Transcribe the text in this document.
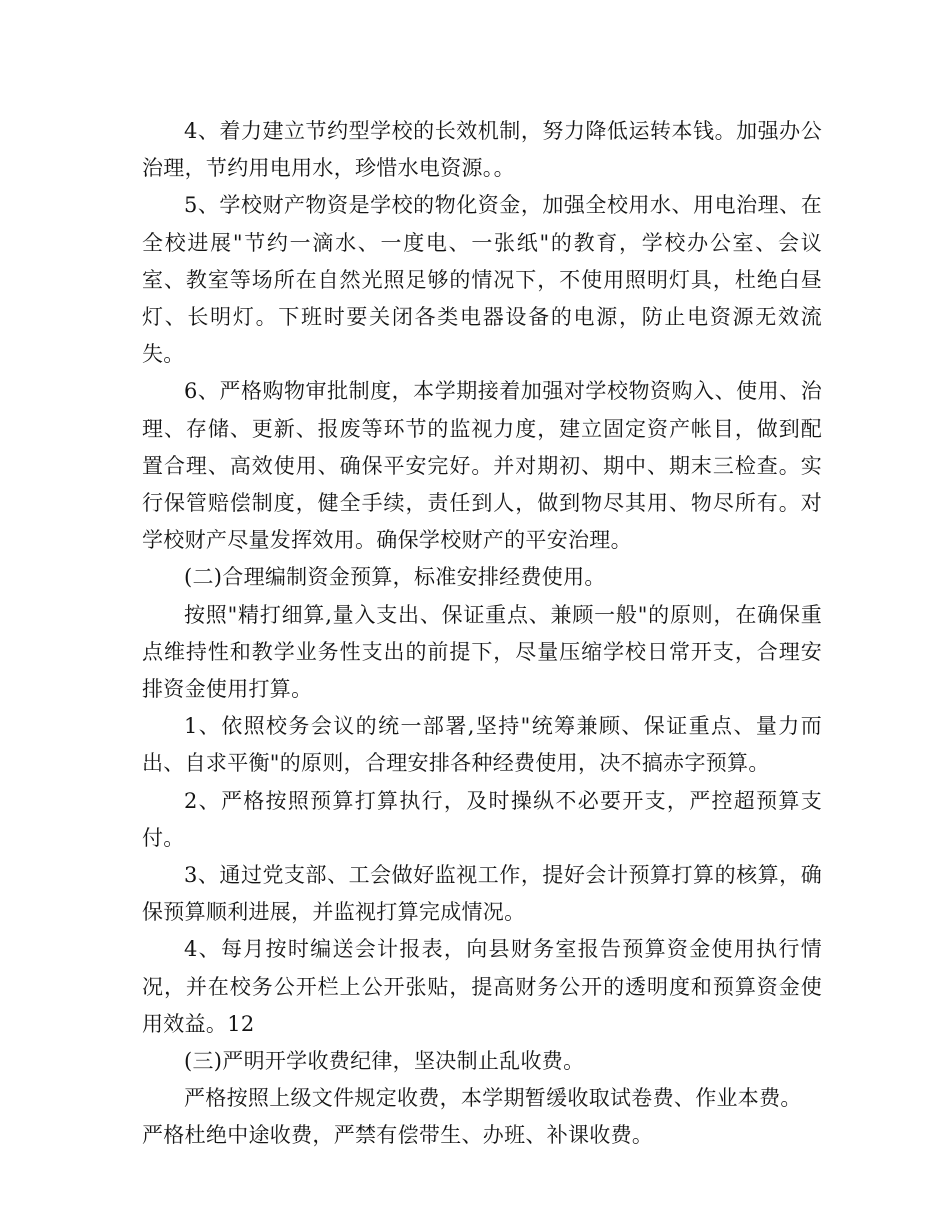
4、着力建立节约型学校的长效机制，努力降低运转本钱。加强办公治理，节约用电用水，珍惜水电资源。。

5、学校财产物资是学校的物化资金，加强全校用水、用电治理、在全校进展"节约一滴水、一度电、一张纸"的教育，学校办公室、会议室、教室等场所在自然光照足够的情况下，不使用照明灯具，杜绝白昼灯、长明灯。下班时要关闭各类电器设备的电源，防止电资源无效流失。

6、严格购物审批制度，本学期接着加强对学校物资购入、使用、治理、存储、更新、报废等环节的监视力度，建立固定资产帐目，做到配置合理、高效使用、确保平安完好。并对期初、期中、期末三检查。实行保管赔偿制度，健全手续，责任到人，做到物尽其用、物尽所有。对学校财产尽量发挥效用。确保学校财产的平安治理。

(二)合理编制资金预算，标准安排经费使用。

按照"精打细算,量入支出、保证重点、兼顾一般"的原则，在确保重点维持性和教学业务性支出的前提下，尽量压缩学校日常开支，合理安排资金使用打算。

1、依照校务会议的统一部署,坚持"统筹兼顾、保证重点、量力而出、自求平衡"的原则，合理安排各种经费使用，决不搞赤字预算。

2、严格按照预算打算执行，及时操纵不必要开支，严控超预算支付。

3、通过党支部、工会做好监视工作，提好会计预算打算的核算，确保预算顺利进展，并监视打算完成情况。

4、每月按时编送会计报表，向县财务室报告预算资金使用执行情况，并在校务公开栏上公开张贴，提高财务公开的透明度和预算资金使用效益。12

(三)严明开学收费纪律，坚决制止乱收费。

严格按照上级文件规定收费，本学期暂缓收取试卷费、作业本费。严格杜绝中途收费，严禁有偿带生、办班、补课收费。
